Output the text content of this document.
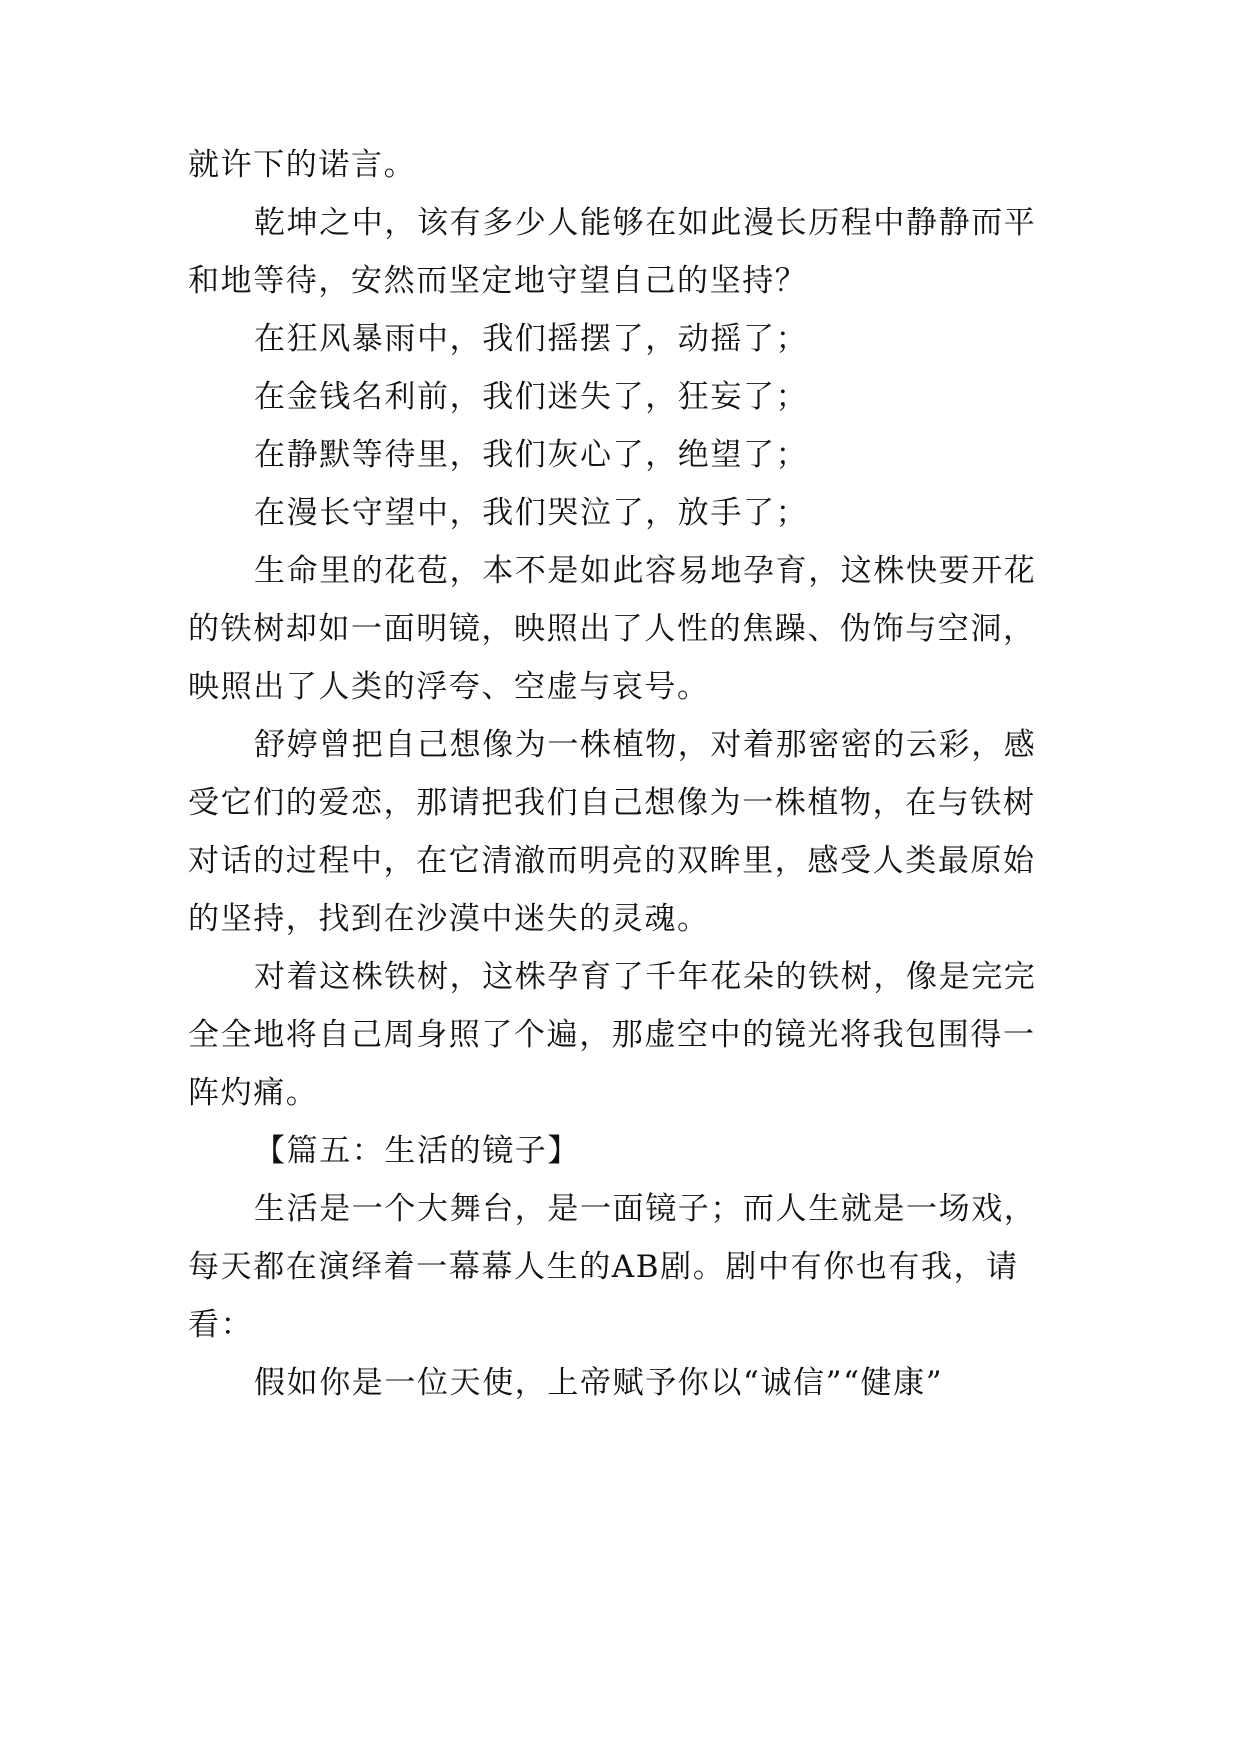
就许下的诺言。
乾坤之中，该有多少人能够在如此漫长历程中静静而平
和地等待，安然而坚定地守望自己的坚持？
在狂风暴雨中，我们摇摆了，动摇了；
在金钱名利前，我们迷失了，狂妄了；
在静默等待里，我们灰心了，绝望了；
在漫长守望中，我们哭泣了，放手了；
生命里的花苞，本不是如此容易地孕育，这株快要开花
的铁树却如一面明镜，映照出了人性的焦躁、伪饰与空洞，
映照出了人类的浮夸、空虚与哀号。
舒婷曾把自己想像为一株植物，对着那密密的云彩，感
受它们的爱恋，那请把我们自己想像为一株植物，在与铁树
对话的过程中，在它清澈而明亮的双眸里，感受人类最原始
的坚持，找到在沙漠中迷失的灵魂。
对着这株铁树，这株孕育了千年花朵的铁树，像是完完
全全地将自己周身照了个遍，那虚空中的镜光将我包围得一
阵灼痛。
【篇五：生活的镜子】
生活是一个大舞台，是一面镜子；而人生就是一场戏，
每天都在演绎着一幕幕人生的AB剧。剧中有你也有我，请
看：
假如你是一位天使，上帝赋予你以“诚信”“健康”
